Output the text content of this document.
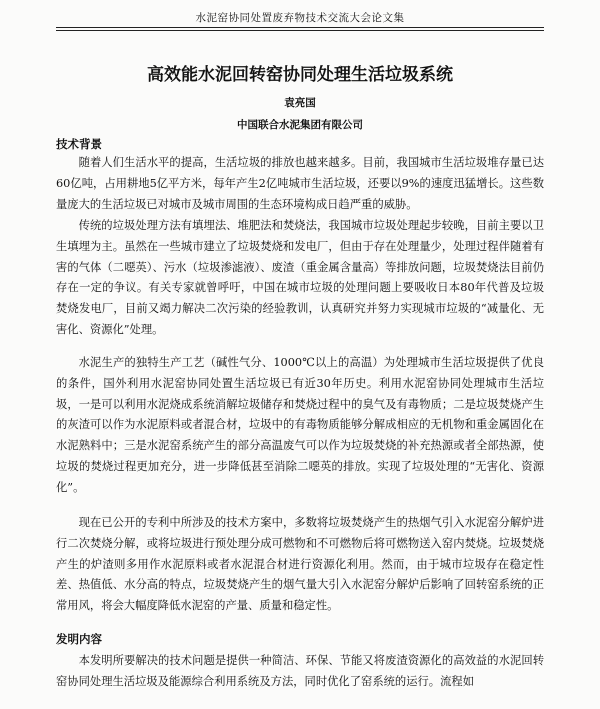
水泥窑协同处置废弃物技术交流大会论文集
高效能水泥回转窑协同处理生活垃圾系统
袁亮国
中国联合水泥集团有限公司
技术背景

随着人们生活水平的提高，生活垃圾的排放也越来越多。目前，我国城市生活垃圾堆存量已达60亿吨，占用耕地5亿平方米，每年产生2亿吨城市生活垃圾，还要以9%的速度迅猛增长。这些数量庞大的生活垃圾已对城市及城市周围的生态环境构成日趋严重的威胁。

传统的垃圾处理方法有填埋法、堆肥法和焚烧法，我国城市垃圾处理起步较晚，目前主要以卫生填埋为主。虽然在一些城市建立了垃圾焚烧和发电厂，但由于存在处理量少，处理过程伴随着有害的气体（二噁英）、污水（垃圾渗滤液）、废渣（重金属含量高）等排放问题，垃圾焚烧法目前仍存在一定的争议。有关专家就曾呼吁，中国在城市垃圾的处理问题上要吸收日本80年代普及垃圾焚烧发电厂，目前又竭力解决二次污染的经验教训，认真研究并努力实现城市垃圾的“减量化、无害化、资源化”处理。

水泥生产的独特生产工艺（碱性气分、1000℃以上的高温）为处理城市生活垃圾提供了优良的条件，国外利用水泥窑协同处置生活垃圾已有近30年历史。利用水泥窑协同处理城市生活垃圾，一是可以利用水泥烧成系统消解垃圾储存和焚烧过程中的臭气及有毒物质；二是垃圾焚烧产生的灰渣可以作为水泥原料或者混合材，垃圾中的有毒物质能够分解成相应的无机物和重金属固化在水泥熟料中；三是水泥窑系统产生的部分高温废气可以作为垃圾焚烧的补充热源或者全部热源，使垃圾的焚烧过程更加充分，进一步降低甚至消除二噁英的排放。实现了垃圾处理的“无害化、资源化”。

现在已公开的专利中所涉及的技术方案中，多数将垃圾焚烧产生的热烟气引入水泥窑分解炉进行二次焚烧分解，或将垃圾进行预处理分成可燃物和不可燃物后将可燃物送入窑内焚烧。垃圾焚烧产生的炉渣则多用作水泥原料或者水泥混合材进行资源化利用。然而，由于城市垃圾存在稳定性差、热值低、水分高的特点，垃圾焚烧产生的烟气量大引入水泥窑分解炉后影响了回转窑系统的正常用风，将会大幅度降低水泥窑的产量、质量和稳定性。

发明内容

本发明所要解决的技术问题是提供一种简洁、环保、节能又将废渣资源化的高效益的水泥回转窑协同处理生活垃圾及能源综合利用系统及方法，同时优化了窑系统的运行。流程如
